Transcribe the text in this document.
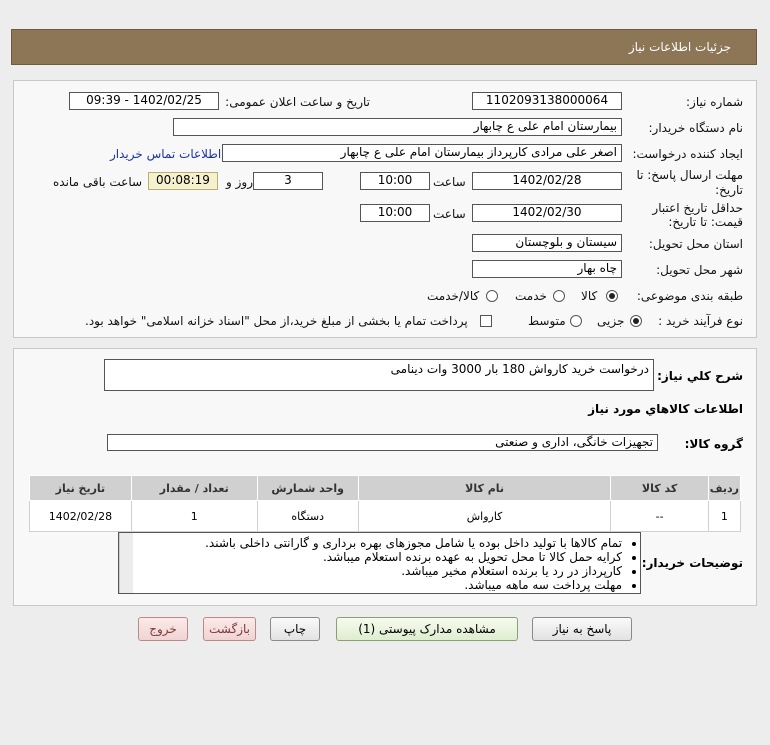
جزئیات اطلاعات نیاز
شماره نیاز:
1102093138000064
تاریخ و ساعت اعلان عمومی:
1402/02/25 - 09:39
نام دستگاه خریدار:
بیمارستان امام علی ع چابهار
ایجاد کننده درخواست:
اصغر علی مرادی کارپرداز بیمارستان امام علی ع چابهار
اطلاعات تماس خریدار
مهلت ارسال پاسخ: تا
تاریخ:
1402/02/28
ساعت
10:00
3
روز و
00:08:19
ساعت باقی مانده
حداقل تاریخ اعتبار
قیمت: تا تاریخ:
1402/02/30
ساعت
10:00
استان محل تحویل:
سیستان و بلوچستان
شهر محل تحویل:
چاه بهار
طبقه بندی موضوعی:
کالا
خدمت
کالا/خدمت
نوع فرآیند خرید :
جزیی
متوسط
پرداخت تمام یا بخشی از مبلغ خرید،از محل "اسناد خزانه اسلامی" خواهد بود.
شرح کلي نياز:
درخواست خرید کارواش 180 بار 3000 وات دینامی
اطلاعات کالاهاي مورد نياز
گروه کالا:
تجهیزات خانگی، اداری و صنعتی
ردیف	کد کالا	نام کالا	واحد شمارش	تعداد / مقدار	تاریخ نیاز
1	--	کارواش	دستگاه	1	1402/02/28
توضیحات خریدار:
• تمام کالاها با تولید داخل بوده یا شامل مجوزهای بهره برداری و گارانتی داخلی باشند.
• کرایه حمل کالا تا محل تحویل به عهده برنده استعلام میباشد.
• کارپرداز در رد یا برنده استعلام مخیر میباشد.
• مهلت پرداخت سه ماهه میباشد.
پاسخ به نیاز
مشاهده مدارک پیوستی (1)
چاپ
بازگشت
خروج
